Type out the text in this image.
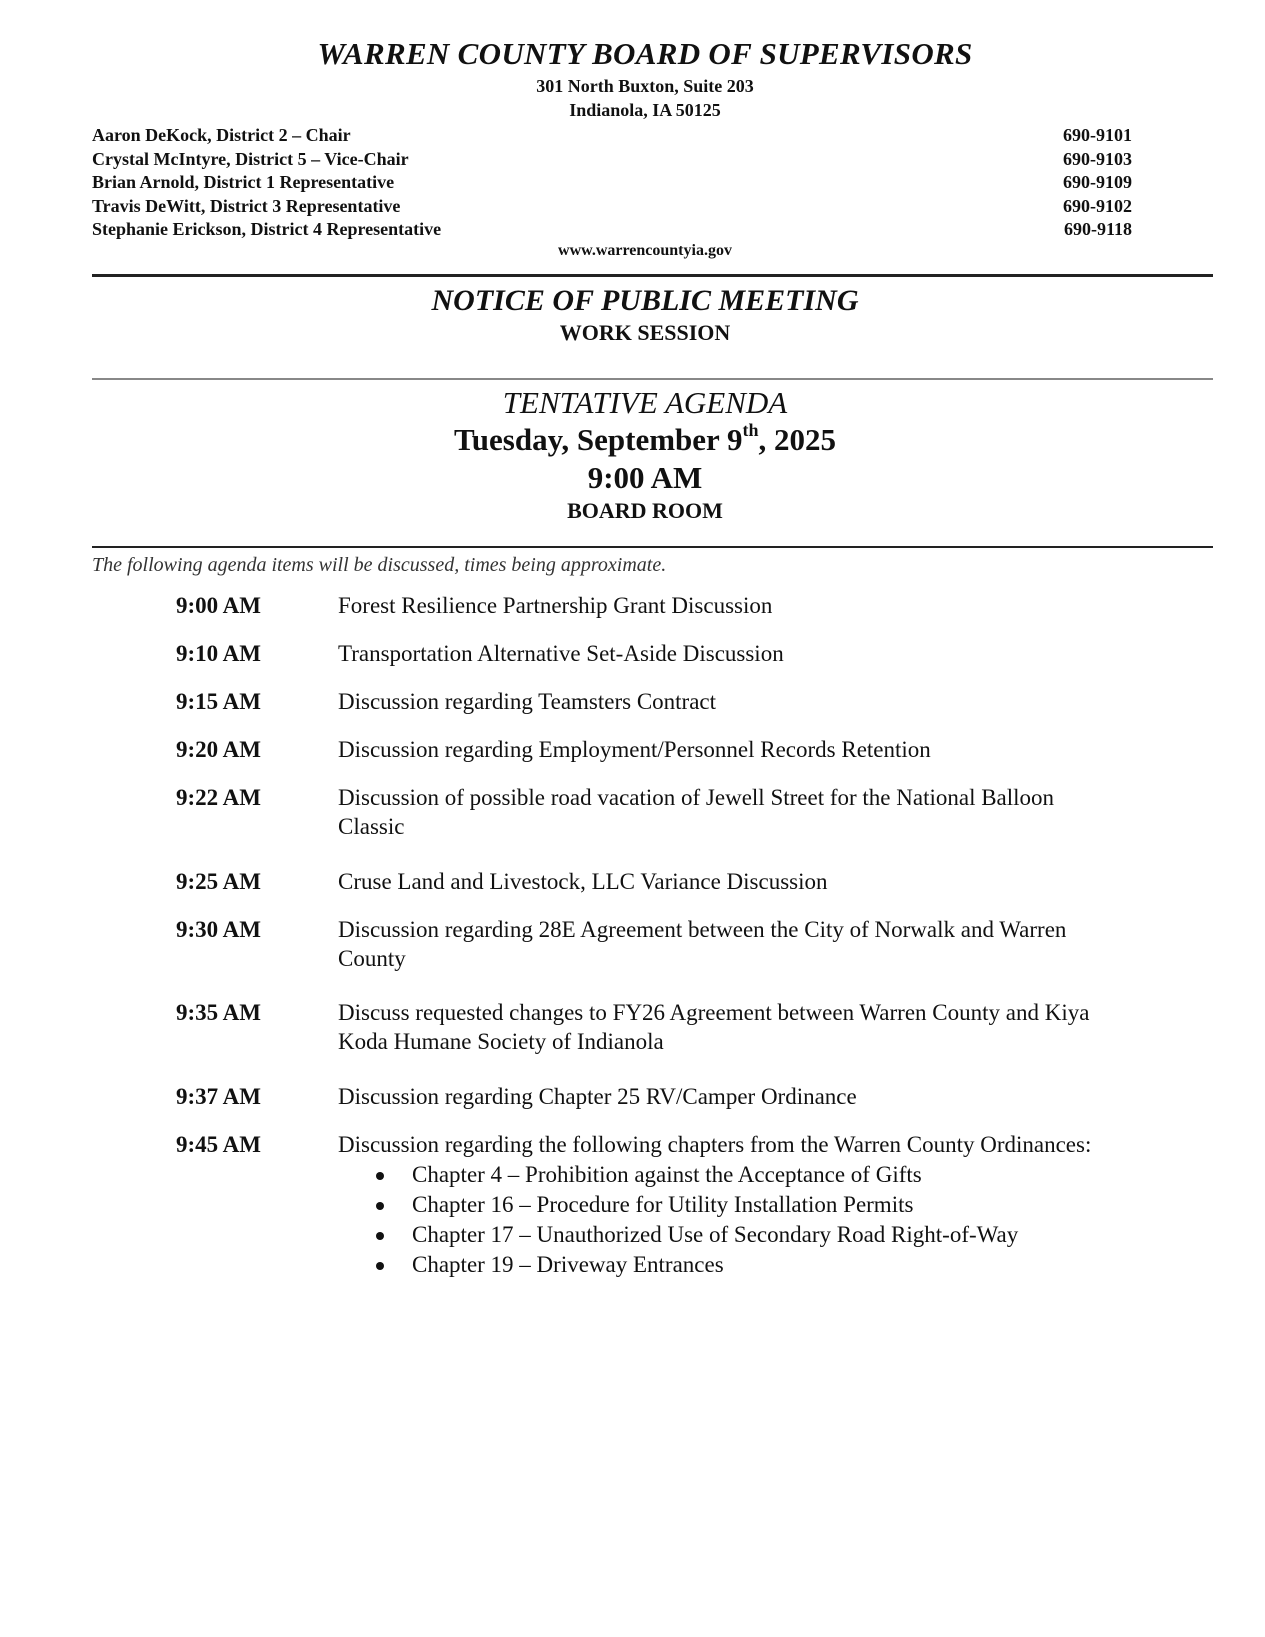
WARREN COUNTY BOARD OF SUPERVISORS
301 North Buxton, Suite 203
Indianola, IA 50125
Aaron DeKock, District 2 – Chair	690-9101
Crystal McIntyre, District 5 – Vice-Chair	690-9103
Brian Arnold, District 1 Representative	690-9109
Travis DeWitt, District 3 Representative	690-9102
Stephanie Erickson, District 4 Representative	690-9118
www.warrencountyia.gov
NOTICE OF PUBLIC MEETING
WORK SESSION
TENTATIVE AGENDA
Tuesday, September 9th, 2025
9:00 AM
BOARD ROOM
The following agenda items will be discussed, times being approximate.
9:00 AM	Forest Resilience Partnership Grant Discussion
9:10 AM	Transportation Alternative Set-Aside Discussion
9:15 AM	Discussion regarding Teamsters Contract
9:20 AM	Discussion regarding Employment/Personnel Records Retention
9:22 AM	Discussion of possible road vacation of Jewell Street for the National Balloon Classic
9:25 AM	Cruse Land and Livestock, LLC Variance Discussion
9:30 AM	Discussion regarding 28E Agreement between the City of Norwalk and Warren County
9:35 AM	Discuss requested changes to FY26 Agreement between Warren County and Kiya Koda Humane Society of Indianola
9:37 AM	Discussion regarding Chapter 25 RV/Camper Ordinance
9:45 AM	Discussion regarding the following chapters from the Warren County Ordinances:
Chapter 4 – Prohibition against the Acceptance of Gifts
Chapter 16 – Procedure for Utility Installation Permits
Chapter 17 – Unauthorized Use of Secondary Road Right-of-Way
Chapter 19 – Driveway Entrances
